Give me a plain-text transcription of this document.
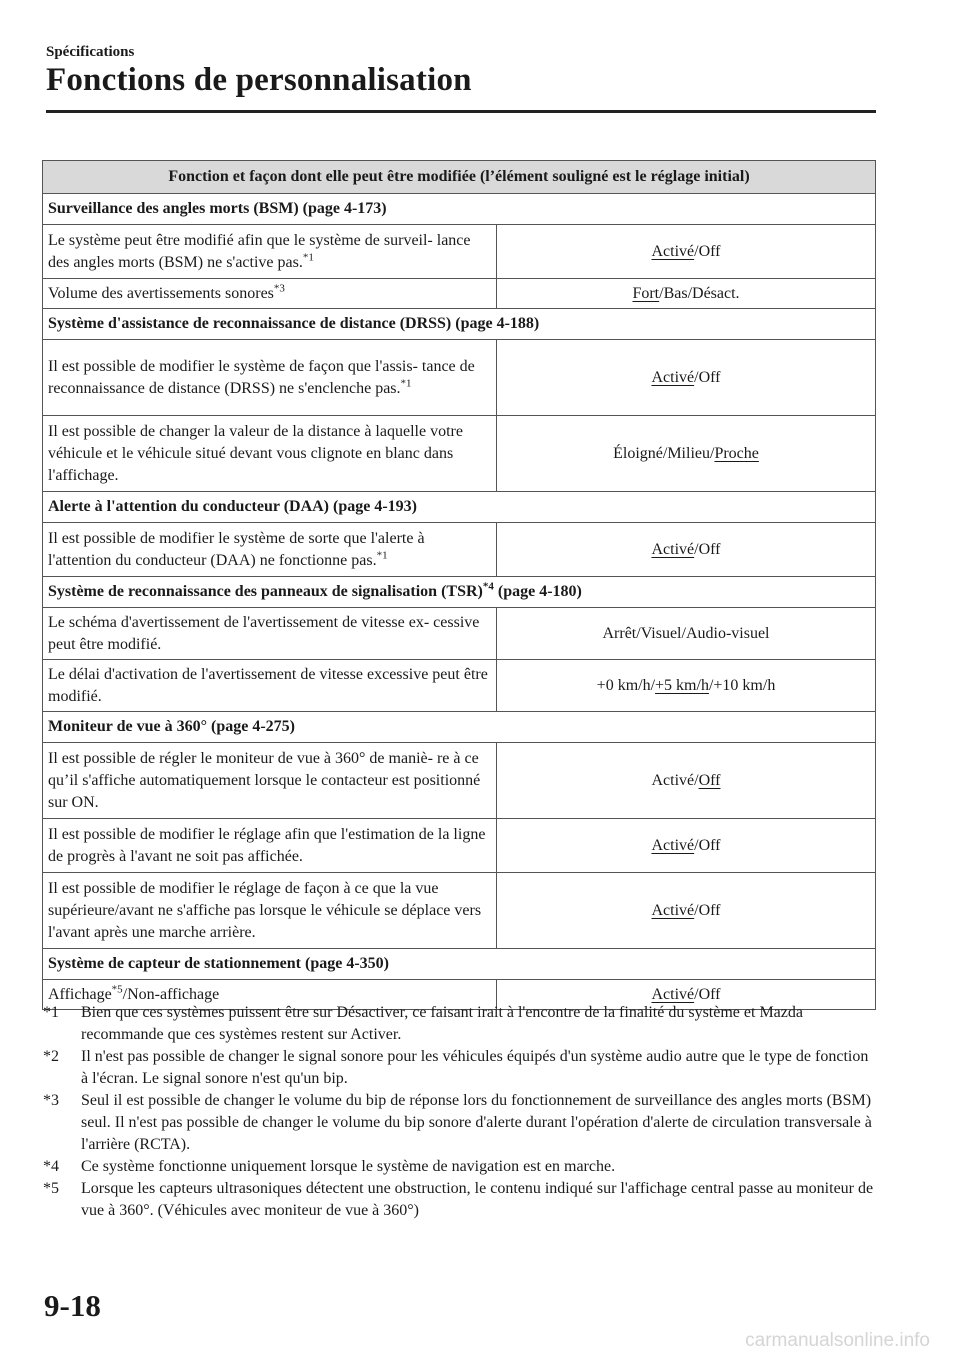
Spécifications
Fonctions de personnalisation
Fonction et façon dont elle peut être modifiée (l’élément souligné est le réglage initial)	
Surveillance des angles morts (BSM) (page 4-173)	
Le système peut être modifié afin que le système de surveil- lance des angles morts (BSM) ne s'active pas.$^{*1}$	Activé/Off
Volume des avertissements sonores$^{*3}$	Fort/Bas/Désact.
Système d'assistance de reconnaissance de distance (DRSS) (page 4-188)	
Il est possible de modifier le système de façon que l'assis- tance de reconnaissance de distance (DRSS) ne s'enclenche pas.$^{*1}$	Activé/Off
Il est possible de changer la valeur de la distance à laquelle votre véhicule et le véhicule situé devant vous clignote en blanc dans l'affichage.	Éloigné/Milieu/Proche
Alerte à l'attention du conducteur (DAA) (page 4-193)	
Il est possible de modifier le système de sorte que l'alerte à l'attention du conducteur (DAA) ne fonctionne pas.$^{*1}$	Activé/Off
Système de reconnaissance des panneaux de signalisation (TSR)$^{*4}$ (page 4-180)	
Le schéma d'avertissement de l'avertissement de vitesse ex- cessive peut être modifié.	Arrêt/Visuel/Audio-visuel
Le délai d'activation de l'avertissement de vitesse excessive peut être modifié.	+0 km/h/+5 km/h/+10 km/h
Moniteur de vue à 360° (page 4-275)	
Il est possible de régler le moniteur de vue à 360° de maniè- re à ce qu’il s'affiche automatiquement lorsque le contacteur est positionné sur ON.	Activé/Off
Il est possible de modifier le réglage afin que l'estimation de la ligne de progrès à l'avant ne soit pas affichée.	Activé/Off
Il est possible de modifier le réglage de façon à ce que la vue supérieure/avant ne s'affiche pas lorsque le véhicule se déplace vers l'avant après une marche arrière.	Activé/Off
Système de capteur de stationnement (page 4-350)	
Affichage$^{*5}$/Non-affichage	Activé/Off
*1	Bien que ces systèmes puissent être sur Désactiver, ce faisant irait à l'encontre de la finalité du système et Mazda recommande que ces systèmes restent sur Activer.
*2	Il n'est pas possible de changer le signal sonore pour les véhicules équipés d'un système audio autre que le type de fonction à l'écran. Le signal sonore n'est qu'un bip.
*3	Seul il est possible de changer le volume du bip de réponse lors du fonctionnement de surveillance des angles morts (BSM) seul. Il n'est pas possible de changer le volume du bip sonore d'alerte durant l'opération d'alerte de circulation transversale à l'arrière (RCTA).
*4	Ce système fonctionne uniquement lorsque le système de navigation est en marche.
*5	Lorsque les capteurs ultrasoniques détectent une obstruction, le contenu indiqué sur l'affichage central passe au moniteur de vue à 360°. (Véhicules avec moniteur de vue à 360°)
9-18
carmanualsonline.info
